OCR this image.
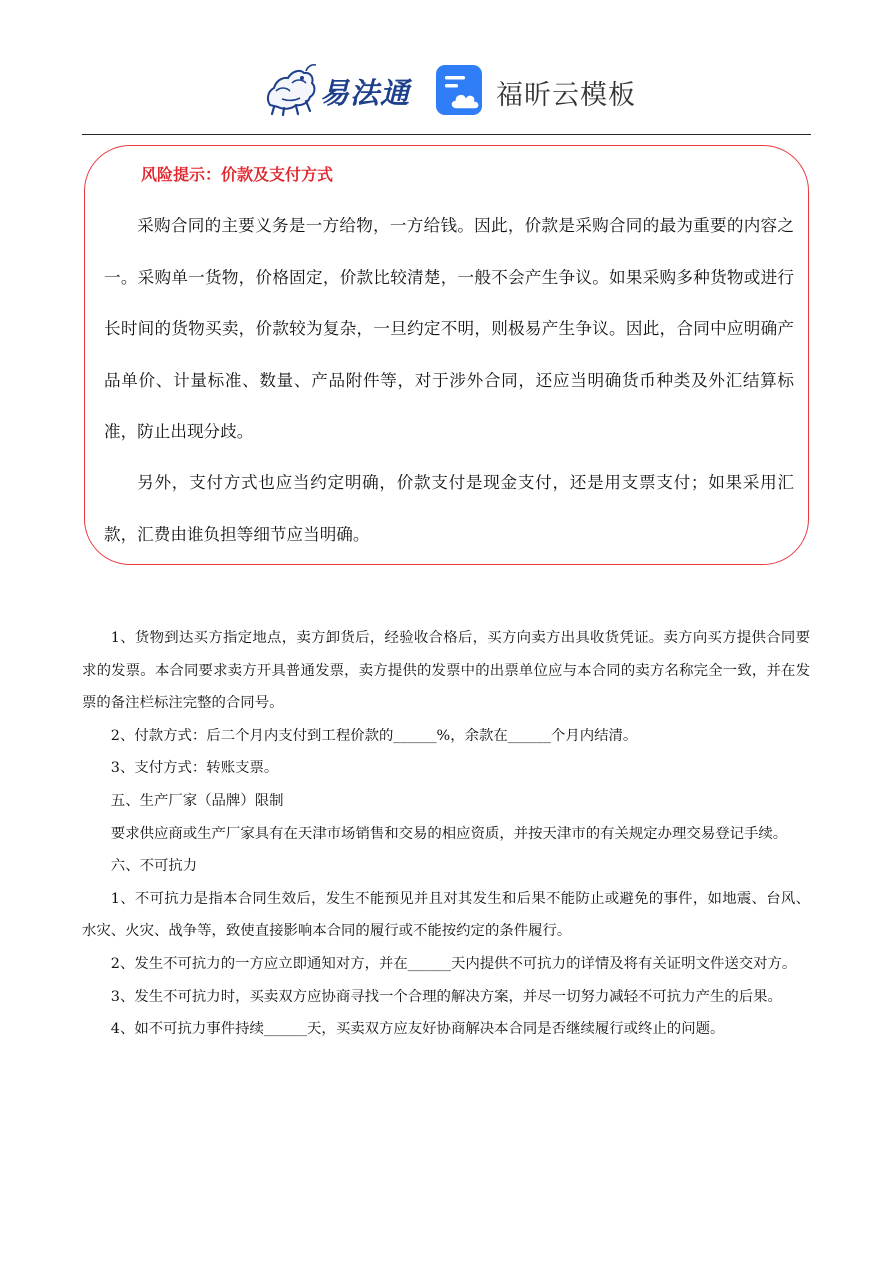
易法通	福昕云模板
风险提示：价款及支付方式

采购合同的主要义务是一方给物，一方给钱。因此，价款是采购合同的最为重要的内容之一。采购单一货物，价格固定，价款比较清楚，一般不会产生争议。如果采购多种货物或进行长时间的货物买卖，价款较为复杂，一旦约定不明，则极易产生争议。因此，合同中应明确产品单价、计量标准、数量、产品附件等，对于涉外合同，还应当明确货币种类及外汇结算标准，防止出现分歧。

另外，支付方式也应当约定明确，价款支付是现金支付，还是用支票支付；如果采用汇款，汇费由谁负担等细节应当明确。

1、货物到达买方指定地点，卖方卸货后，经验收合格后，买方向卖方出具收货凭证。卖方向买方提供合同要求的发票。本合同要求卖方开具普通发票，卖方提供的发票中的出票单位应与本合同的卖方名称完全一致，并在发票的备注栏标注完整的合同号。
2、付款方式：后二个月内支付到工程价款的______%，余款在______个月内结清。
3、支付方式：转账支票。
五、生产厂家（品牌）限制
要求供应商或生产厂家具有在天津市场销售和交易的相应资质，并按天津市的有关规定办理交易登记手续。
六、不可抗力
1、不可抗力是指本合同生效后，发生不能预见并且对其发生和后果不能防止或避免的事件，如地震、台风、水灾、火灾、战争等，致使直接影响本合同的履行或不能按约定的条件履行。
2、发生不可抗力的一方应立即通知对方，并在______天内提供不可抗力的详情及将有关证明文件送交对方。
3、发生不可抗力时，买卖双方应协商寻找一个合理的解决方案，并尽一切努力减轻不可抗力产生的后果。
4、如不可抗力事件持续______天，买卖双方应友好协商解决本合同是否继续履行或终止的问题。
